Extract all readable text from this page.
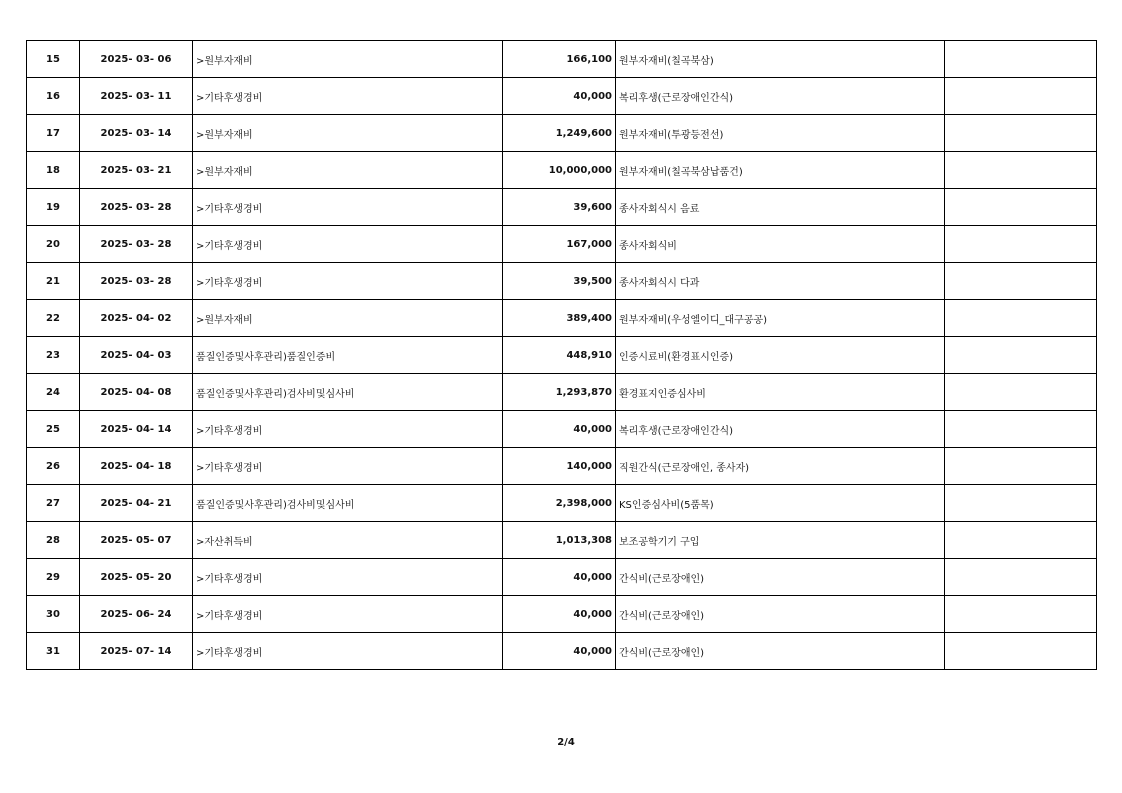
15	2025- 03- 06	>원부자재비	166,100	원부자재비(칠곡북삼)	
16	2025- 03- 11	>기타후생경비	40,000	복리후생(근로장애인간식)	
17	2025- 03- 14	>원부자재비	1,249,600	원부자재비(투광등전선)	
18	2025- 03- 21	>원부자재비	10,000,000	원부자재비(칠곡북삼납품건)	
19	2025- 03- 28	>기타후생경비	39,600	종사자회식시 음료	
20	2025- 03- 28	>기타후생경비	167,000	종사자회식비	
21	2025- 03- 28	>기타후생경비	39,500	종사자회식시 다과	
22	2025- 04- 02	>원부자재비	389,400	원부자재비(우성엘이디_대구공공)	
23	2025- 04- 03	품질인증및사후관리)품질인증비	448,910	인증시료비(환경표시인증)	
24	2025- 04- 08	품질인증및사후관리)검사비및심사비	1,293,870	환경표지인증심사비	
25	2025- 04- 14	>기타후생경비	40,000	복리후생(근로장애인간식)	
26	2025- 04- 18	>기타후생경비	140,000	직원간식(근로장애인, 종사자)	
27	2025- 04- 21	품질인증및사후관리)검사비및심사비	2,398,000	KS인증심사비(5품목)	
28	2025- 05- 07	>자산취득비	1,013,308	보조공학기기 구입	
29	2025- 05- 20	>기타후생경비	40,000	간식비(근로장애인)	
30	2025- 06- 24	>기타후생경비	40,000	간식비(근로장애인)	
31	2025- 07- 14	>기타후생경비	40,000	간식비(근로장애인)	
2/4
